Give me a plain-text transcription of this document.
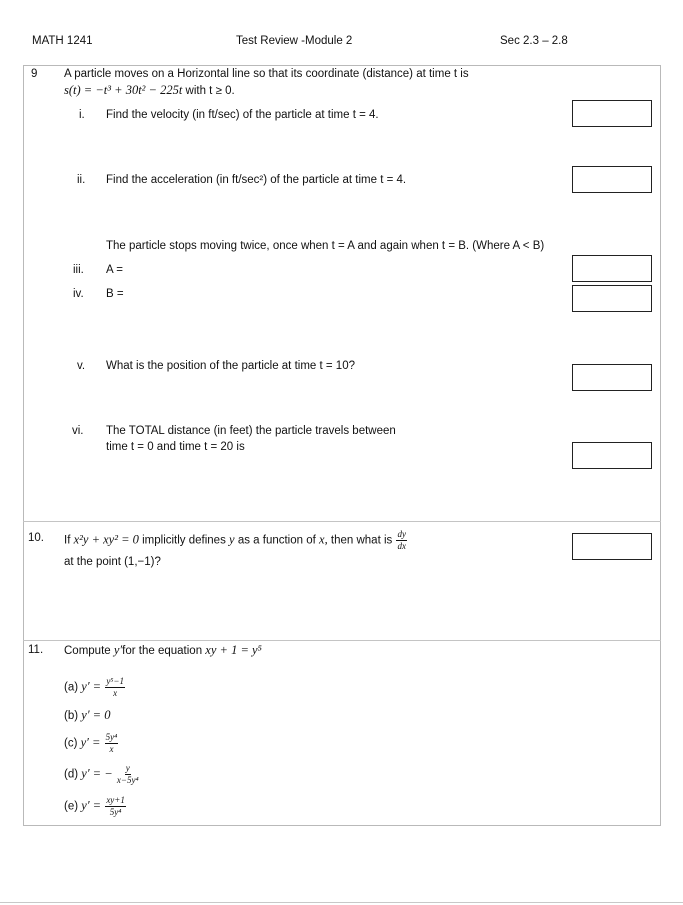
MATH 1241	Test Review -Module 2	Sec 2.3 – 2.8
9 A particle moves on a Horizontal line so that its coordinate (distance) at time t is
s(t) = −t³ + 30t² − 225t with t ≥ 0.
i. Find the velocity (in ft/sec) of the particle at time t = 4.
ii. Find the acceleration (in ft/sec²) of the particle at time t = 4.
The particle stops moving twice, once when t = A and again when t = B. (Where A < B)
iii. A =
iv. B =
v. What is the position of the particle at time t = 10?
vi. The TOTAL distance (in feet) the particle travels between
time t = 0 and time t = 20 is
10. If x²y + xy² = 0 implicitly defines y as a function of x, then what is $\frac{dy}{dx}$
at the point (1,−1)?
11. Compute y′for the equation xy + 1 = y⁵
(a) $y' = \frac{\text{y⁵−1}}{x}$
(b) y′ = 0
(c) $y' = \frac{\text{5y⁴}}{x}$
(d) y′ = − $\frac{y}{\text{x−5y⁴}}$
(e) $y' = \frac{xy+1}{\text{5y⁴}}$
